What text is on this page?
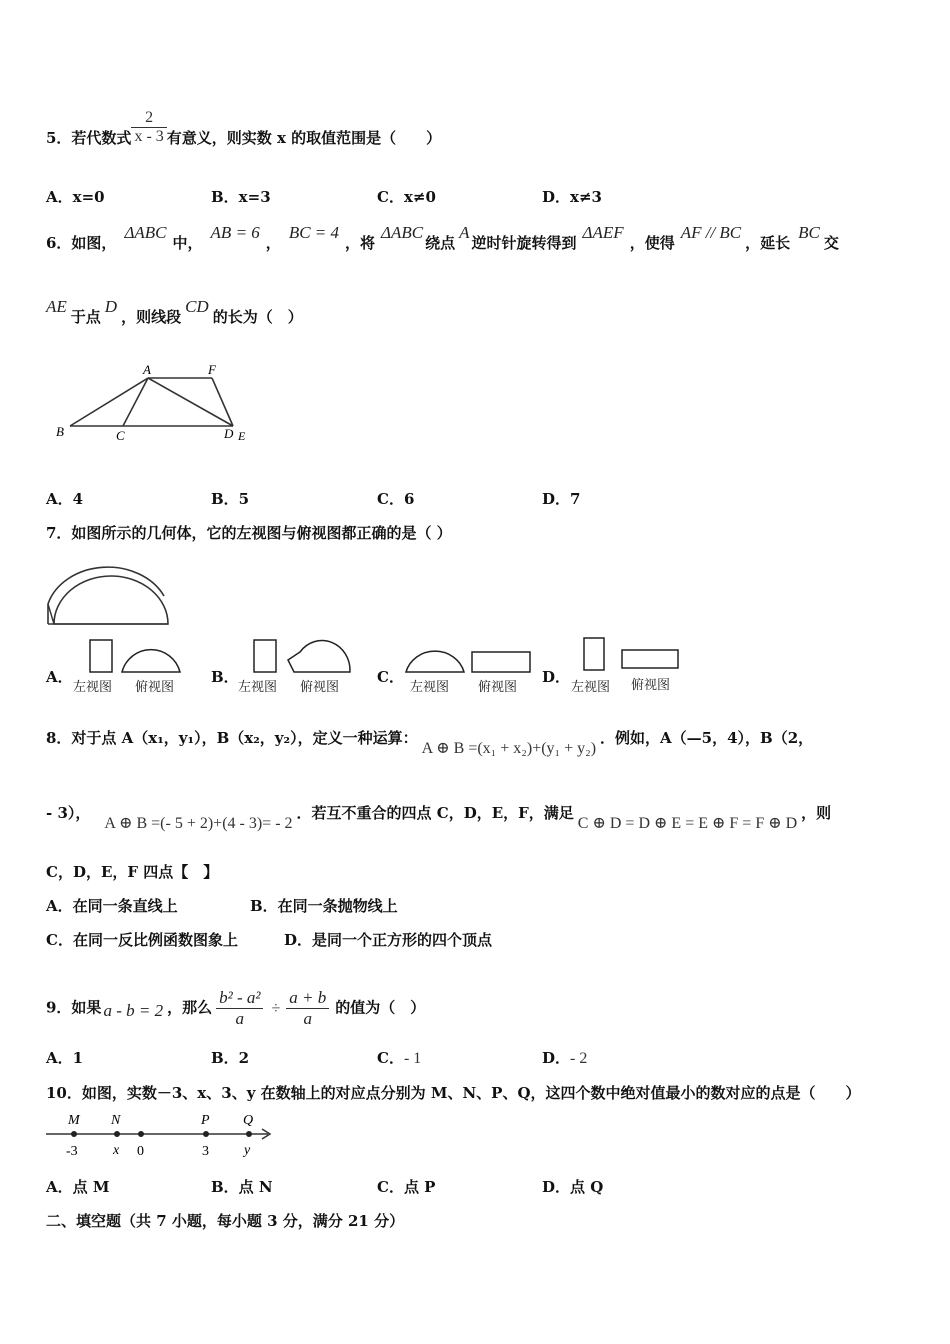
5．若代数式 $\frac{2}{x - 3}$ 有意义，则实数 x 的取值范围是（　　）
A．x=0	B．x=3	C．x≠0	D．x≠3
6．如图，ΔABC中，AB = 6，BC = 4，将ΔABC绕点A逆时针旋转得到ΔAEF，使得AF // BC，延长BC交
AE于点D，则线段CD的长为（　）
A	F
B	C	D E
A．4	B．5	C．6	D．7
7．如图所示的几何体，它的左视图与俯视图都正确的是（ ）
A．
左视图 俯视图
B．
左视图 俯视图
C．
左视图 俯视图
D．
左视图 俯视图
8．对于点 A（x₁，y₁），B（x₂，y₂），定义一种运算：A ⊕ B =(x₁ + x₂)+(y₁ + y₂)．例如，A（—5，4），B（2，
- 3），A ⊕ B =(- 5 + 2)+(4 - 3)= - 2．若互不重合的四点 C，D，E，F，满足C ⊕ D = D ⊕ E = E ⊕ F = F ⊕ D，则
C，D，E，F 四点【　】
A．在同一条直线上	B．在同一条抛物线上
C．在同一反比例函数图象上	D．是同一个正方形的四个顶点
9．如果 a - b = 2 ，那么 $\frac{\text{b² - a²}}{a} \div \frac{a + b}{a}$ 的值为（　）
A．1	B．2	C．- 1	D．- 2
10．如图，实数－3、x、3、y 在数轴上的对应点分别为 M、N、P、Q，这四个数中绝对值最小的数对应的点是（　　）
M N	P Q
-3	x 0	3	y
A．点 M	B．点 N	C．点 P	D．点 Q
二、填空题（共 7 小题，每小题 3 分，满分 21 分）
